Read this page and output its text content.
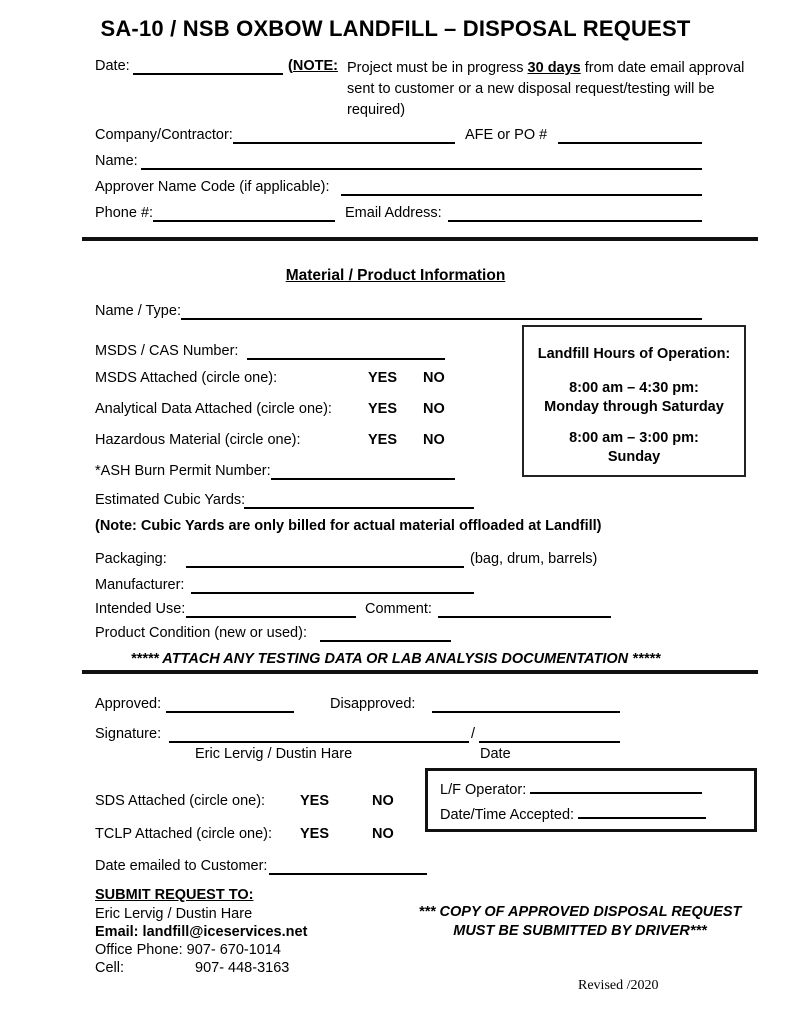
SA-10 / NSB OXBOW LANDFILL – DISPOSAL REQUEST
Date:	(NOTE: Project must be in progress 30 days from date email approval sent to customer or a new disposal request/testing will be required)
Company/Contractor:	AFE or PO #
Name:
Approver Name Code (if applicable):
Phone #:	Email Address:
Material / Product Information
Name / Type:
MSDS / CAS Number:
MSDS Attached (circle one):	YES NO
Analytical Data Attached (circle one): YES NO
Hazardous Material (circle one):	YES NO
*ASH Burn Permit Number:
Landfill Hours of Operation:
8:00 am – 4:30 pm:
Monday through Saturday
8:00 am – 3:00 pm:
Sunday
Estimated Cubic Yards:
(Note: Cubic Yards are only billed for actual material offloaded at Landfill)
Packaging:	(bag, drum, barrels)
Manufacturer:
Intended Use:	Comment:
Product Condition (new or used):
***** ATTACH ANY TESTING DATA OR LAB ANALYSIS DOCUMENTATION *****
Approved:	Disapproved:
Signature:	/
Eric Lervig / Dustin Hare	Date
SDS Attached (circle one): YES	NO
TCLP Attached (circle one): YES	NO
Date emailed to Customer:
L/F Operator:
Date/Time Accepted:
SUBMIT REQUEST TO:
Eric Lervig / Dustin Hare
Email: landfill@iceservices.net
Office Phone: 907- 670-1014
Cell:	907- 448-3163
*** COPY OF APPROVED DISPOSAL REQUEST
MUST BE SUBMITTED BY DRIVER***
Revised /2020
